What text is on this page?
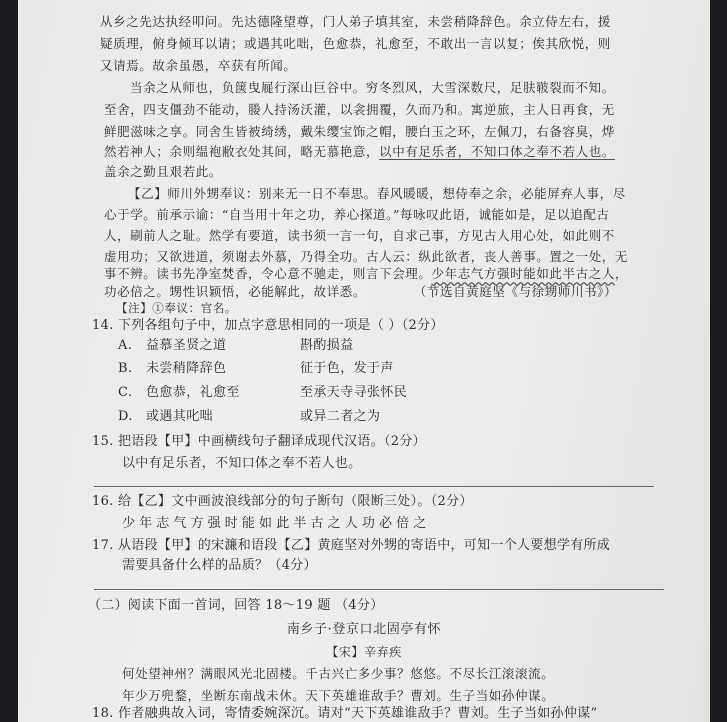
从乡之先达执经叩问。先达德隆望尊，门人弟子填其室，未尝稍降辞色。余立侍左右，援
疑质理，俯身倾耳以请；或遇其叱咄，色愈恭，礼愈至，不敢出一言以复；俟其欣悦，则
又请焉。故余虽愚，卒获有所闻。
当余之从师也，负箧曳屣行深山巨谷中。穷冬烈风，大雪深数尺，足肤皲裂而不知。
至舍，四支僵劲不能动，媵人持汤沃灌，以衾拥覆，久而乃和。寓逆旅，主人日再食，无
鲜肥滋味之享。同舍生皆被绮绣，戴朱缨宝饰之帽，腰白玉之环，左佩刀，右备容臭，烨
然若神人；余则缊袍敝衣处其间，略无慕艳意，以中有足乐者，不知口体之奉不若人也。
盖余之勤且艰若此。
【乙】师川外甥奉议：别来无一日不奉思。春风暖暖，想侍奉之余，必能屏弃人事，尽
心于学。前承示谕：“自当用十年之功，养心探道。”每咏叹此语，诚能如是，足以追配古
人，刷前人之耻。然学有要道，读书须一言一句，自求己事，方见古人用心处，如此则不
虚用功；又欲进道，须谢去外慕，乃得全功。古人云：纵此欲者，丧人善事。置之一处，无
事不辨。读书先净室焚香，令心意不驰走，则言下会理。少年志气方强时能如此半古之人，
功必倍之。甥性识颖悟，必能解此，故详悉。	（节选自黄庭坚《与徐甥师川书》）
【注】①奉议：官名。
14. 下列各组句子中，加点字意思相同的一项是（ ）（2分）
A. 益慕圣贤之道	斟酌损益
B. 未尝稍降辞色	征于色，发于声
C. 色愈恭，礼愈至	至承天寺寻张怀民
D. 或遇其叱咄	或异二者之为
15. 把语段【甲】中画横线句子翻译成现代汉语。（2分）
以中有足乐者，不知口体之奉不若人也。
16. 给【乙】文中画波浪线部分的句子断句（限断三处）。（2分）
少 年 志 气 方 强 时 能 如 此 半 古 之 人 功 必 倍 之
17. 从语段【甲】的宋濂和语段【乙】黄庭坚对外甥的寄语中，可知一个人要想学有所成
需要具备什么样的品质？（4分）
（二）阅读下面一首词，回答 18～19 题 （4分）
南乡子·登京口北固亭有怀
【宋】辛弃疾
何处望神州？满眼风光北固楼。千古兴亡多少事？悠悠。不尽长江滚滚流。
年少万兜鍪，坐断东南战未休。天下英雄谁敌手？曹刘。生子当如孙仲谋。
18. 作者融典故入词，寄情委婉深沉。请对“天下英雄谁敌手？曹刘。生子当如孙仲谋”
